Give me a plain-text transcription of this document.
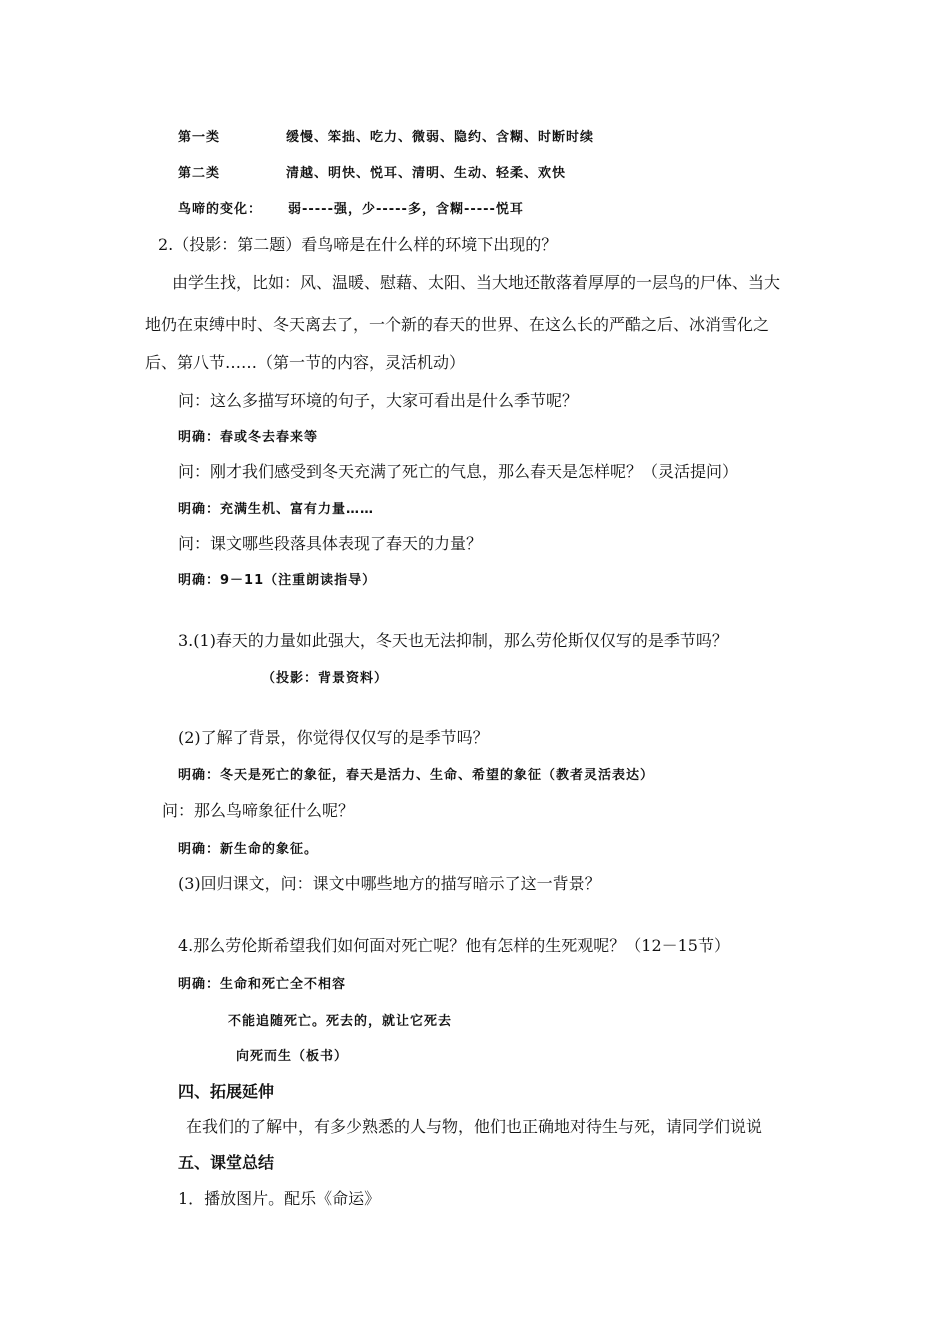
第一类	缓慢、笨拙、吃力、微弱、隐约、含糊、时断时续
第二类	清越、明快、悦耳、清明、生动、轻柔、欢快
鸟啼的变化： 弱-----强，少-----多，含糊-----悦耳
2.（投影：第二题）看鸟啼是在什么样的环境下出现的？
由学生找，比如：风、温暖、慰藉、太阳、当大地还散落着厚厚的一层鸟的尸体、当大
地仍在束缚中时、冬天离去了，一个新的春天的世界、在这么长的严酷之后、冰消雪化之
后、第八节……（第一节的内容，灵活机动）
问：这么多描写环境的句子，大家可看出是什么季节呢？
明确：春或冬去春来等
问：刚才我们感受到冬天充满了死亡的气息，那么春天是怎样呢？（灵活提问）
明确：充满生机、富有力量……
问：课文哪些段落具体表现了春天的力量？
明确：9－11（注重朗读指导）
3.(1)春天的力量如此强大，冬天也无法抑制，那么劳伦斯仅仅写的是季节吗？
（投影：背景资料）
(2)了解了背景，你觉得仅仅写的是季节吗？
明确：冬天是死亡的象征，春天是活力、生命、希望的象征（教者灵活表达）
问：那么鸟啼象征什么呢？
明确：新生命的象征。
(3)回归课文，问：课文中哪些地方的描写暗示了这一背景？
4.那么劳伦斯希望我们如何面对死亡呢？他有怎样的生死观呢？（12－15节）
明确：生命和死亡全不相容
不能追随死亡。死去的，就让它死去
向死而生（板书）
四、拓展延伸
在我们的了解中，有多少熟悉的人与物，他们也正确地对待生与死，请同学们说说
五、课堂总结
1．播放图片。配乐《命运》
